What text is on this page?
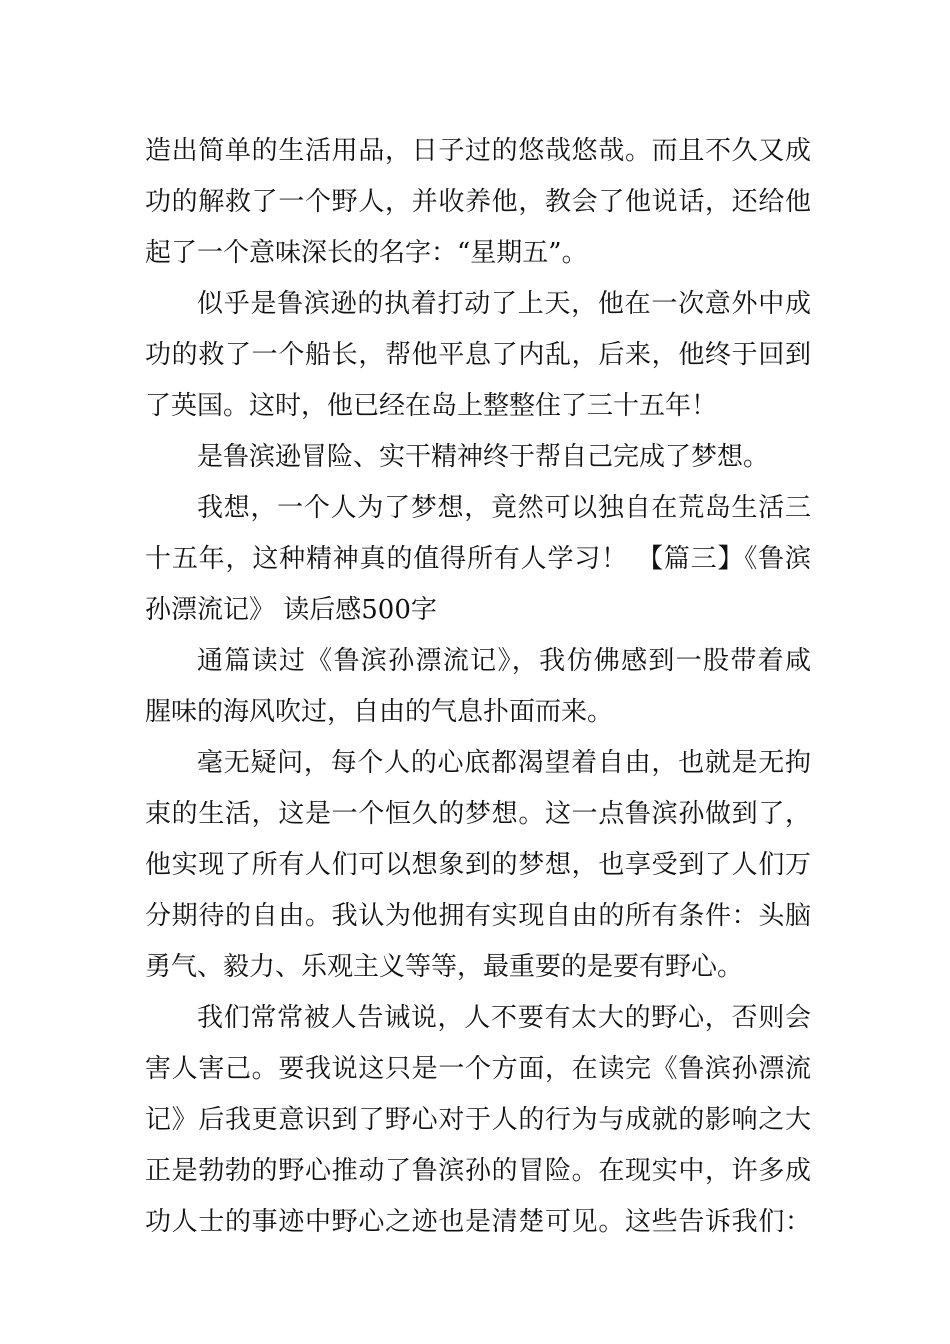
造出简单的生活用品，日子过的悠哉悠哉。而且不久又成
功的解救了一个野人，并收养他，教会了他说话，还给他
起了一个意味深长的名字：“星期五”。
似乎是鲁滨逊的执着打动了上天，他在一次意外中成
功的救了一个船长，帮他平息了内乱，后来，他终于回到
了英国。这时，他已经在岛上整整住了三十五年！
是鲁滨逊冒险、实干精神终于帮自己完成了梦想。
我想，一个人为了梦想，竟然可以独自在荒岛生活三
十五年，这种精神真的值得所有人学习！ 【篇三】《鲁滨
孙漂流记》 读后感500字
通篇读过《鲁滨孙漂流记》，我仿佛感到一股带着咸
腥味的海风吹过，自由的气息扑面而来。
毫无疑问，每个人的心底都渴望着自由，也就是无拘
束的生活，这是一个恒久的梦想。这一点鲁滨孙做到了，
他实现了所有人们可以想象到的梦想，也享受到了人们万
分期待的自由。我认为他拥有实现自由的所有条件：头脑
勇气、毅力、乐观主义等等，最重要的是要有野心。
我们常常被人告诫说，人不要有太大的野心，否则会
害人害己。要我说这只是一个方面，在读完《鲁滨孙漂流
记》后我更意识到了野心对于人的行为与成就的影响之大
正是勃勃的野心推动了鲁滨孙的冒险。在现实中，许多成
功人士的事迹中野心之迹也是清楚可见。这些告诉我们：
